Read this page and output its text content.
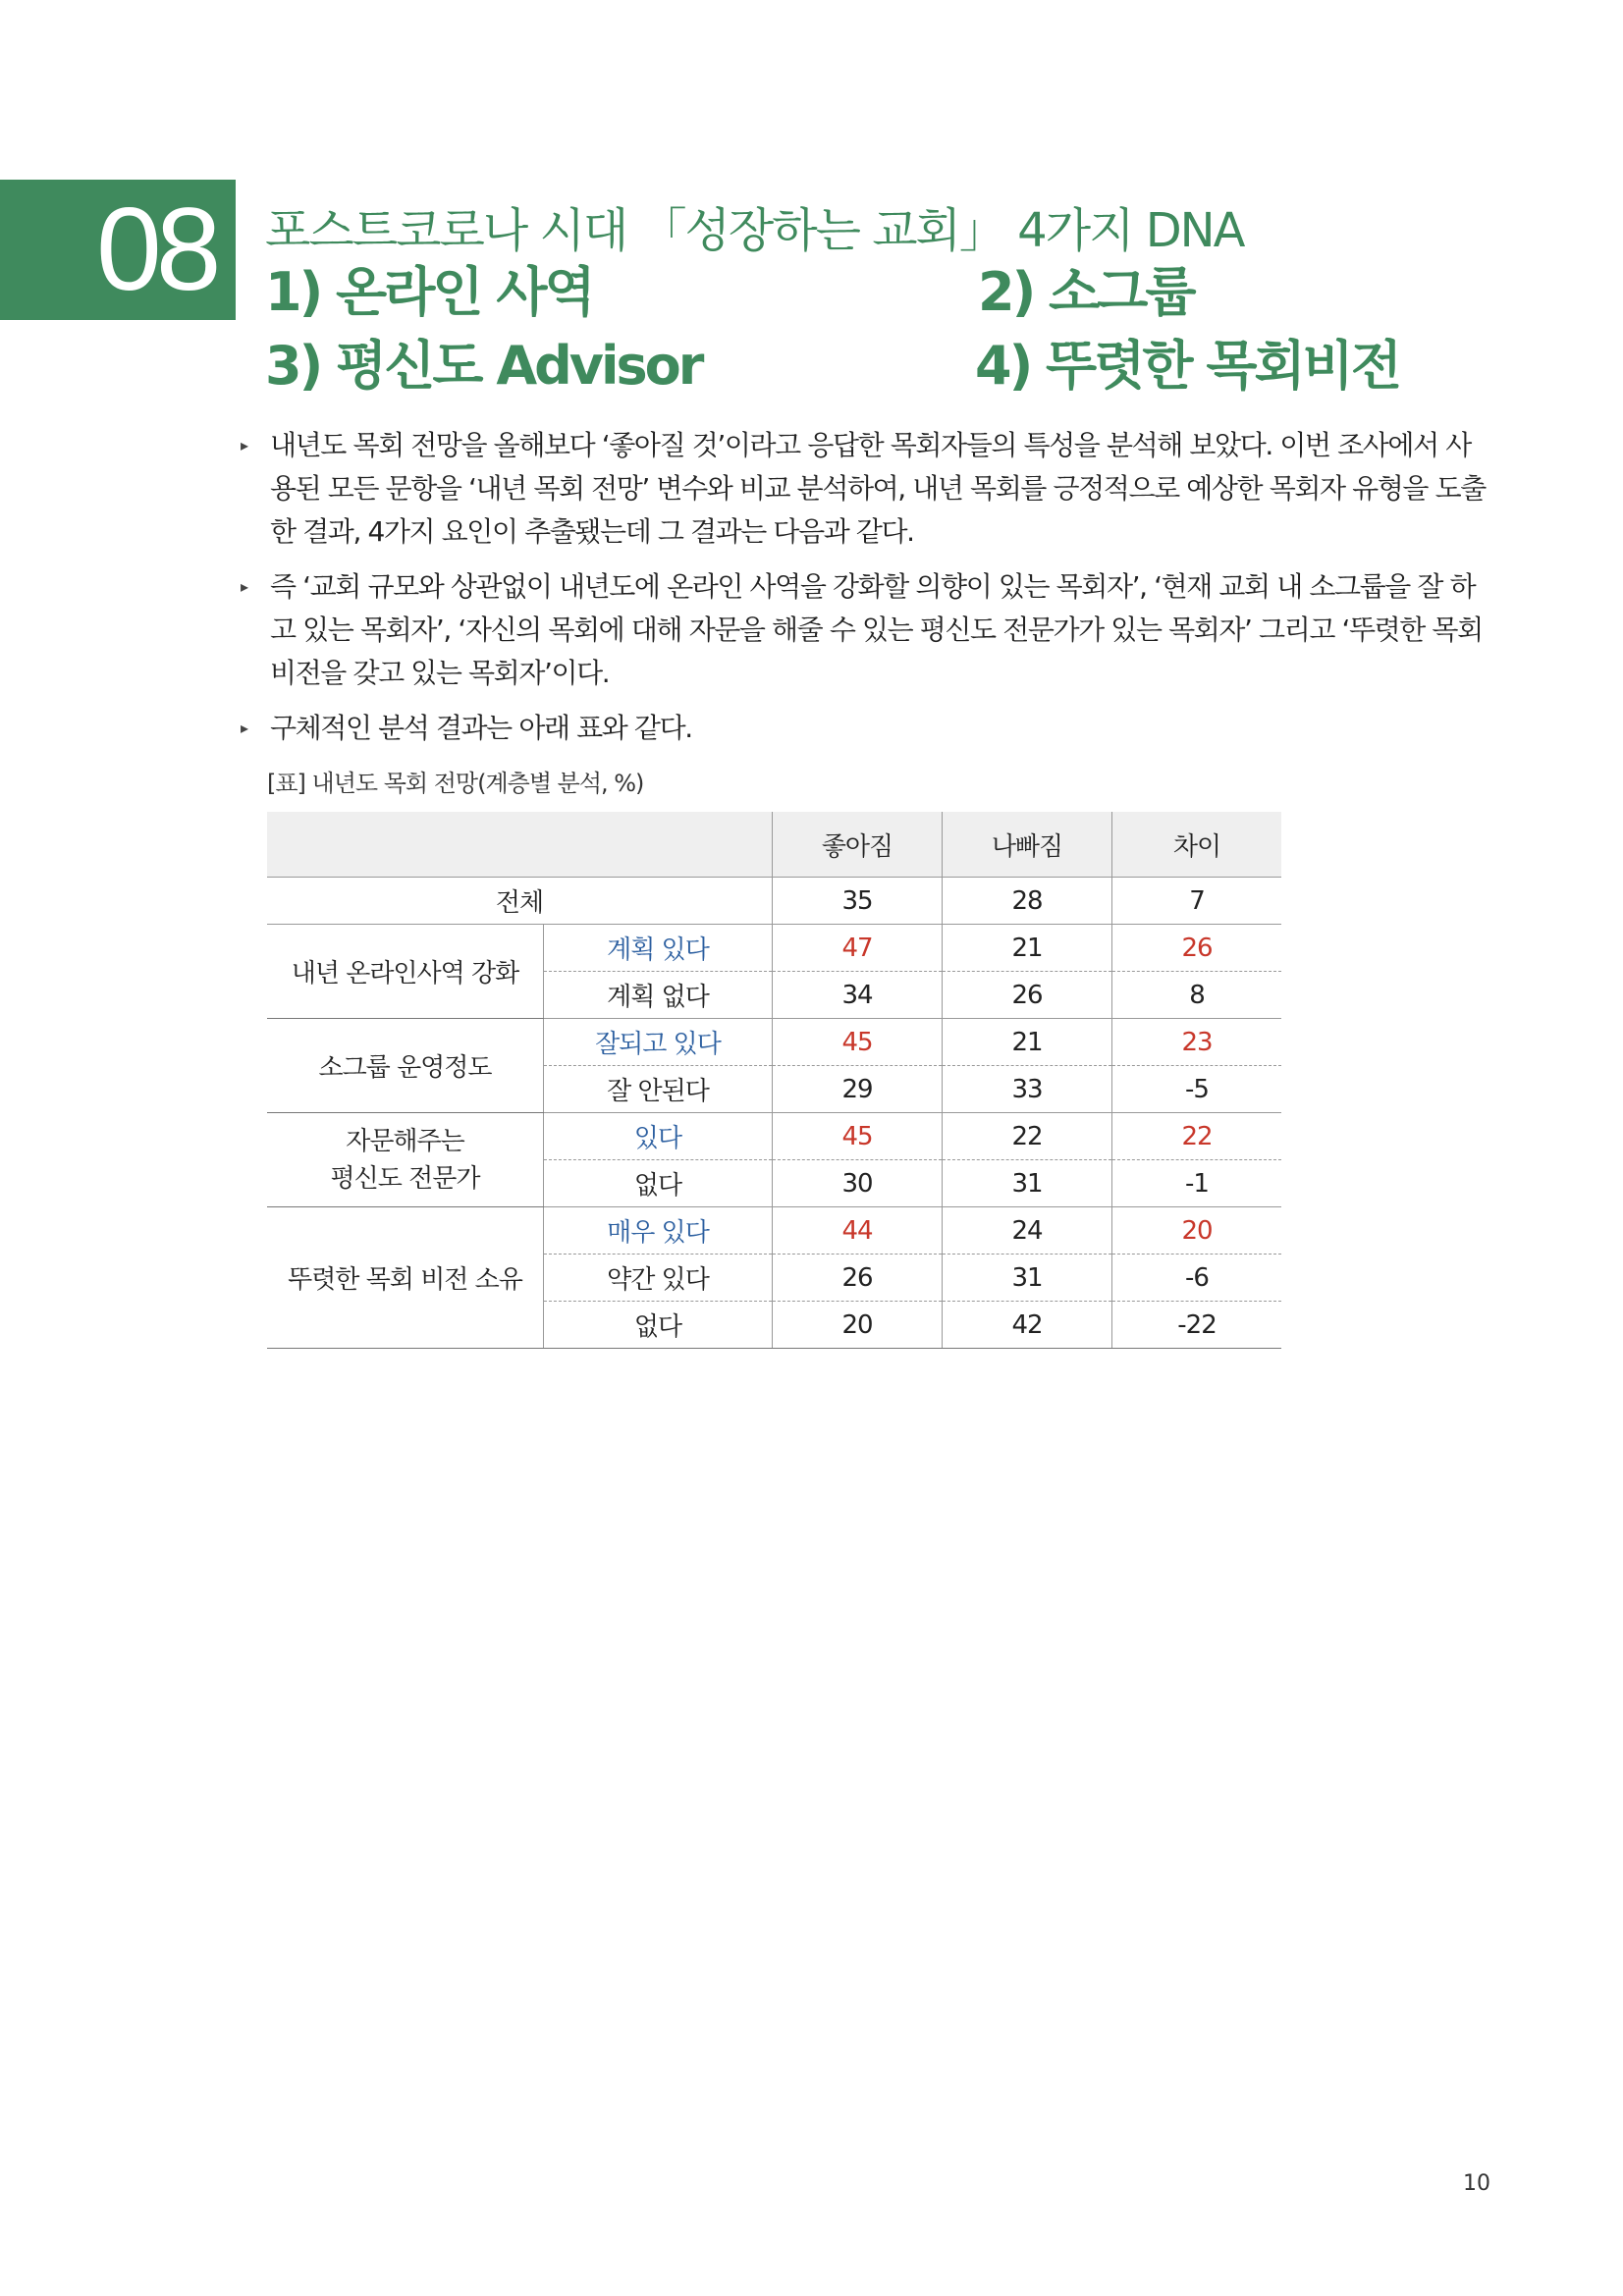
08 포스트코로나 시대 「성장하는 교회」 4가지 DNA
1) 온라인 사역	2) 소그룹
3) 평신도 Advisor	4) 뚜렷한 목회비전
▸ 내년도 목회 전망을 올해보다 ‘좋아질 것’이라고 응답한 목회자들의 특성을 분석해 보았다. 이번 조사에서 사용된 모든 문항을 ‘내년 목회 전망’ 변수와 비교 분석하여, 내년 목회를 긍정적으로 예상한 목회자 유형을 도출한 결과, 4가지 요인이 추출됐는데 그 결과는 다음과 같다.
▸ 즉 ‘교회 규모와 상관없이 내년도에 온라인 사역을 강화할 의향이 있는 목회자’, ‘현재 교회 내 소그룹을 잘 하고 있는 목회자’, ‘자신의 목회에 대해 자문을 해줄 수 있는 평신도 전문가가 있는 목회자’ 그리고 ‘뚜렷한 목회 비전을 갖고 있는 목회자’이다.
▸ 구체적인 분석 결과는 아래 표와 같다.
[표] 내년도 목회 전망(계층별 분석, %)
		좋아짐	나빠짐	차이
전체		35	28	7
내년 온라인사역 강화	계획 있다	47	21	26
	계획 없다	34	26	8
소그룹 운영정도	잘되고 있다	45	21	23
	잘 안된다	29	33	-5
자문해주는
평신도 전문가	있다	45	22	22
	없다	30	31	-1
뚜렷한 목회 비전 소유	매우 있다	44	24	20
	약간 있다	26	31	-6
	없다	20	42	-22
10
